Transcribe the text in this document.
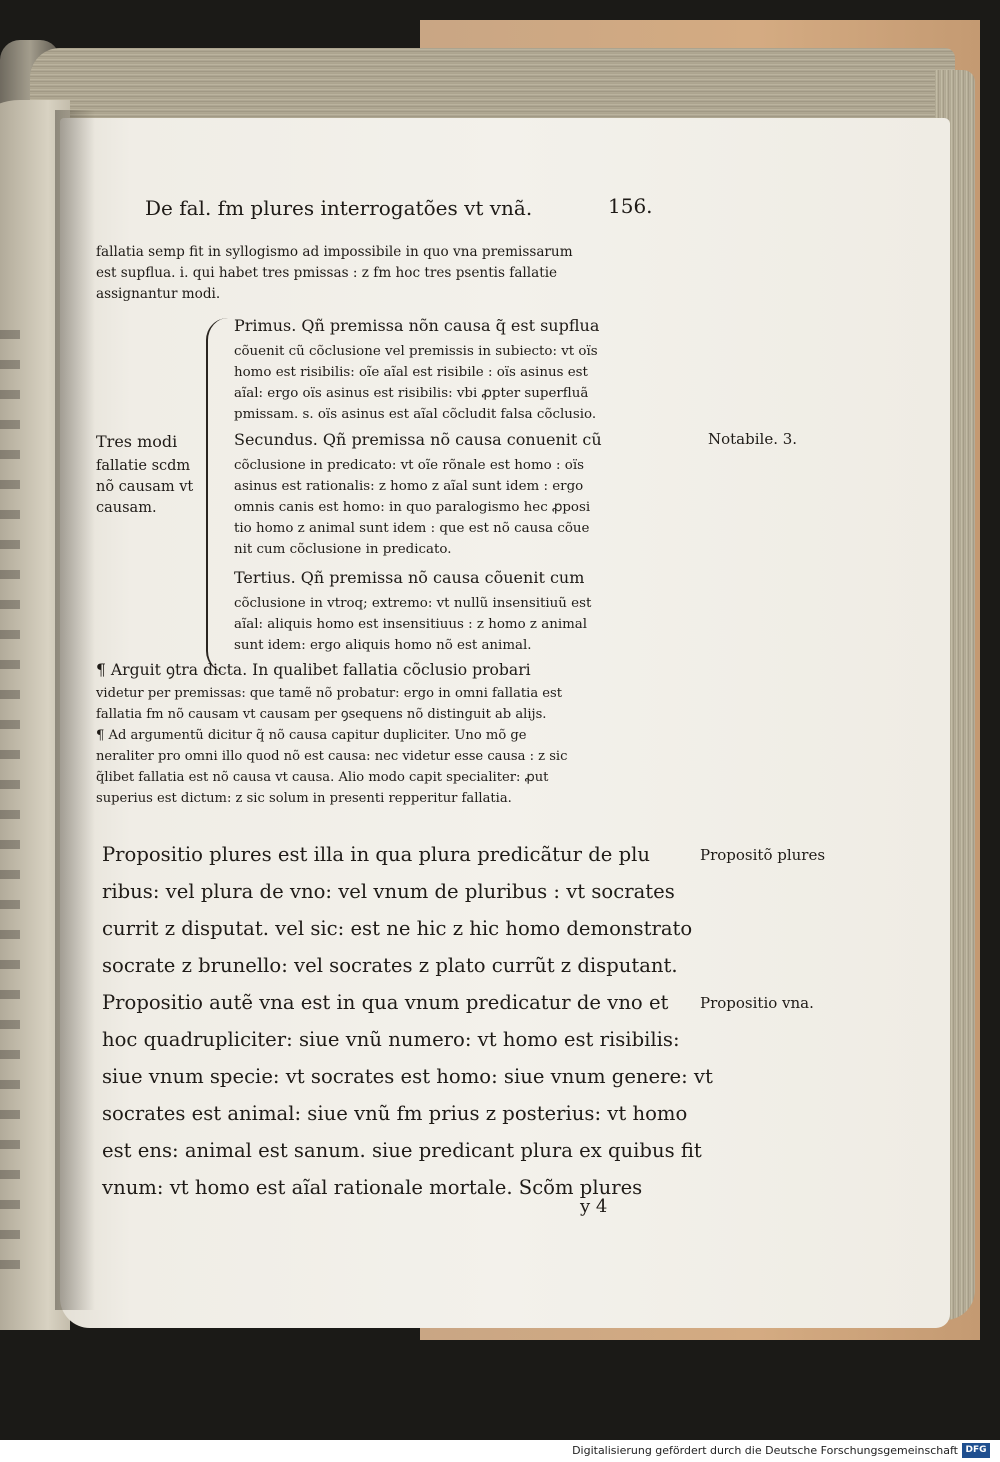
De fal. fm plures interrogatões vt vnã.	156.

fallatia semp fit in syllogismo ad impossibile in quo vna premissarum

est supflua. i. qui habet tres pmissas : z fm hoc tres psentis fallatie

assignantur modi.

Tres modi

fallatie scdm

nõ causam vt

causam.

Primus. Qñ premissa nõn causa q̃ est supflua

cõuenit cũ cõclusione vel premissis in subiecto: vt oïs

homo est risibilis: oĩe aĩal est risibile : oïs asinus est

aĩal: ergo oïs asinus est risibilis: vbi ꝓpter superfluã

pmissam. s. oïs asinus est aĩal cõcludit falsa cõclusio.

Secundus. Qñ premissa nõ causa conuenit cũ

cõclusione in predicato: vt oĩe rõnale est homo : oïs

asinus est rationalis: z homo z aĩal sunt idem : ergo

omnis canis est homo: in quo paralogismo hec ꝓposi

tio homo z animal sunt idem : que est nõ causa cõue

nit cum cõclusione in predicato.

Tertius. Qñ premissa nõ causa cõuenit cum

cõclusione in vtroq; extremo: vt nullũ insensitiuũ est

aĩal: aliquis homo est insensitiuus : z homo z animal

sunt idem: ergo aliquis homo nõ est animal.

¶ Arguit ꝯtra dicta. In qualibet fallatia cõclusio probari

videtur per premissas: que tamẽ nõ probatur: ergo in omni fallatia est

fallatia fm nõ causam vt causam per ꝯsequens nõ distinguit ab alijs.

¶ Ad argumentũ dicitur q̃ nõ causa capitur dupliciter. Uno mõ ge

neraliter pro omni illo quod nõ est causa: nec videtur esse causa : z sic

q̃libet fallatia est nõ causa vt causa. Alio modo capit specialiter: ꝓut

superius est dictum: z sic solum in presenti repperitur fallatia.

Propositio plures est illa in qua plura predicãtur de plu

ribus: vel plura de vno: vel vnum de pluribus : vt socrates

currit z disputat. vel sic: est ne hic z hic homo demonstrato

socrate z brunello: vel socrates z plato currũt z disputant.

Propositio autẽ vna est in qua vnum predicatur de vno et

hoc quadrupliciter: siue vnũ numero: vt homo est risibilis:

siue vnum specie: vt socrates est homo: siue vnum genere: vt

socrates est animal: siue vnũ fm prius z posterius: vt homo

est ens: animal est sanum. siue predicant plura ex quibus fit

vnum: vt homo est aĩal rationale mortale. Scõm plures

Notabile. 3.

Propositõ plures

Propositio vna.

y 4

Digitalisierung gefördert durch die Deutsche Forschungsgemeinschaft DFG
